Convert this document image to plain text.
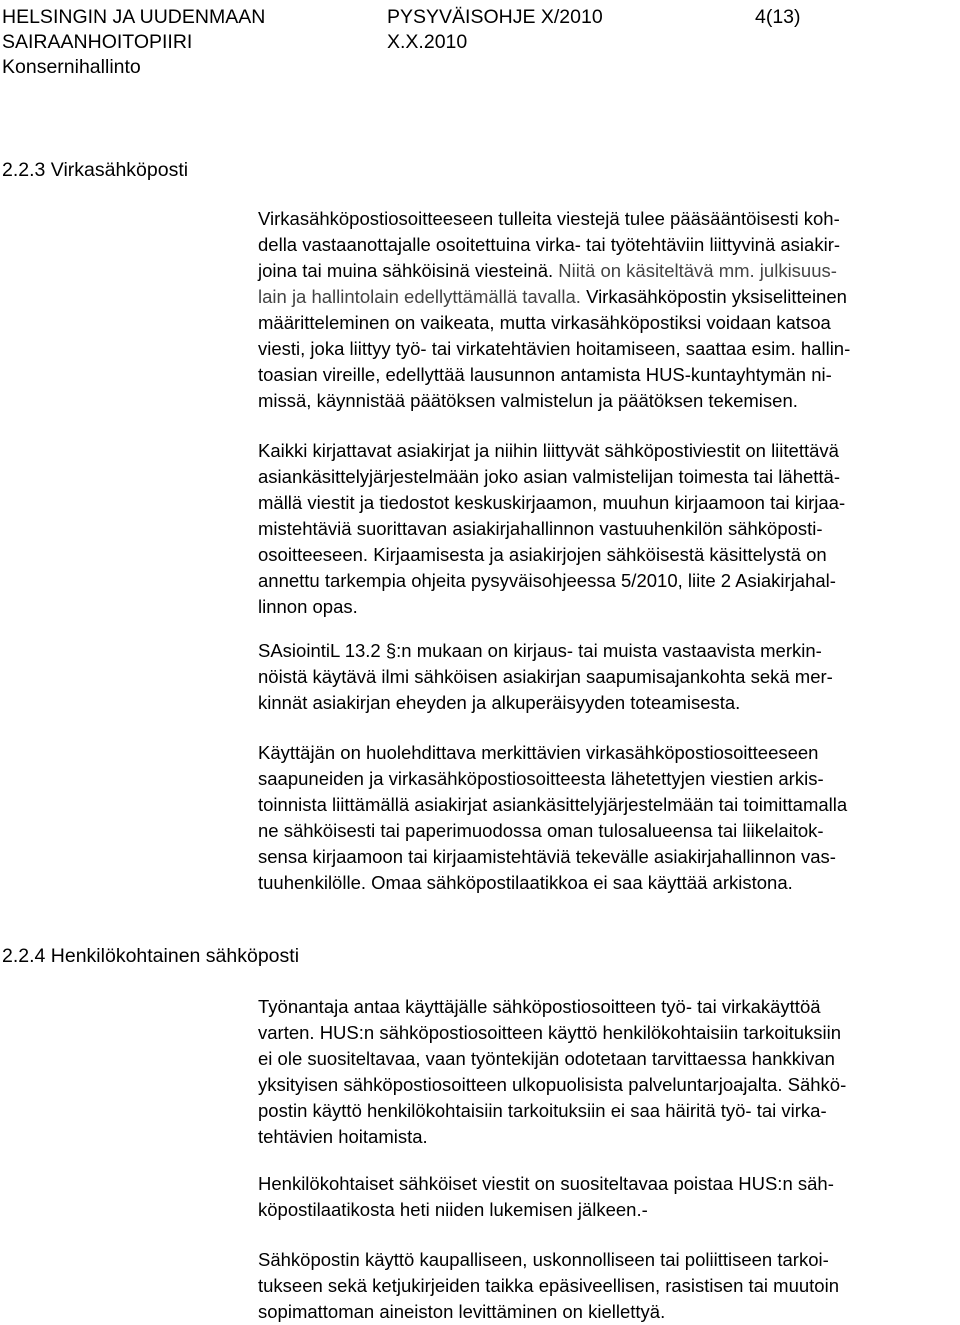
HELSINGIN JA UUDENMAAN

SAIRAANHOITOPIIRI

Konsernihallinto

PYSYVÄISOHJE X/2010

X.X.2010

4(13)

2.2.3 Virkasähköposti
Virkasähköpostiosoitteeseen tulleita viestejä tulee pääsääntöisesti koh-
della vastaanottajalle osoitettuina virka- tai työtehtäviin liittyvinä asiakir-
joina tai muina sähköisinä viesteinä. Niitä on käsiteltävä mm. julkisuus-
lain ja hallintolain edellyttämällä tavalla. Virkasähköpostin yksiselitteinen
määritteleminen on vaikeata, mutta virkasähköpostiksi voidaan katsoa
viesti, joka liittyy työ- tai virkatehtävien hoitamiseen, saattaa esim. hallin-
toasian vireille, edellyttää lausunnon antamista HUS-kuntayhtymän ni-
missä, käynnistää päätöksen valmistelun ja päätöksen tekemisen.
Kaikki kirjattavat asiakirjat ja niihin liittyvät sähköpostiviestit on liitettävä
asiankäsittelyjärjestelmään joko asian valmistelijan toimesta tai lähettä-
mällä viestit ja tiedostot keskuskirjaamon, muuhun kirjaamoon tai kirjaa-
mistehtäviä suorittavan asiakirjahallinnon vastuuhenkilön sähköposti-
osoitteeseen. Kirjaamisesta ja asiakirjojen sähköisestä käsittelystä on
annettu tarkempia ohjeita pysyväisohjeessa 5/2010, liite 2 Asiakirjahal-
linnon opas.
SAsiointiL 13.2 §:n mukaan on kirjaus- tai muista vastaavista merkin-
nöistä käytävä ilmi sähköisen asiakirjan saapumisajankohta sekä mer-
kinnät asiakirjan eheyden ja alkuperäisyyden toteamisesta.
Käyttäjän on huolehdittava merkittävien virkasähköpostiosoitteeseen
saapuneiden ja virkasähköpostiosoitteesta lähetettyjen viestien arkis-
toinnista liittämällä asiakirjat asiankäsittelyjärjestelmään tai toimittamalla
ne sähköisesti tai paperimuodossa oman tulosalueensa tai liikelaitok-
sensa kirjaamoon tai kirjaamistehtäviä tekevälle asiakirjahallinnon vas-
tuuhenkilölle. Omaa sähköpostilaatikkoa ei saa käyttää arkistona.
2.2.4 Henkilökohtainen sähköposti
Työnantaja antaa käyttäjälle sähköpostiosoitteen työ- tai virkakäyttöä
varten. HUS:n sähköpostiosoitteen käyttö henkilökohtaisiin tarkoituksiin
ei ole suositeltavaa, vaan työntekijän odotetaan tarvittaessa hankkivan
yksityisen sähköpostiosoitteen ulkopuolisista palveluntarjoajalta. Sähkö-
postin käyttö henkilökohtaisiin tarkoituksiin ei saa häiritä työ- tai virka-
tehtävien hoitamista.
Henkilökohtaiset sähköiset viestit on suositeltavaa poistaa HUS:n säh-
köpostilaatikosta heti niiden lukemisen jälkeen.-
Sähköpostin käyttö kaupalliseen, uskonnolliseen tai poliittiseen tarkoi-
tukseen sekä ketjukirjeiden taikka epäsiveellisen, rasistisen tai muutoin
sopimattoman aineiston levittäminen on kiellettyä.
